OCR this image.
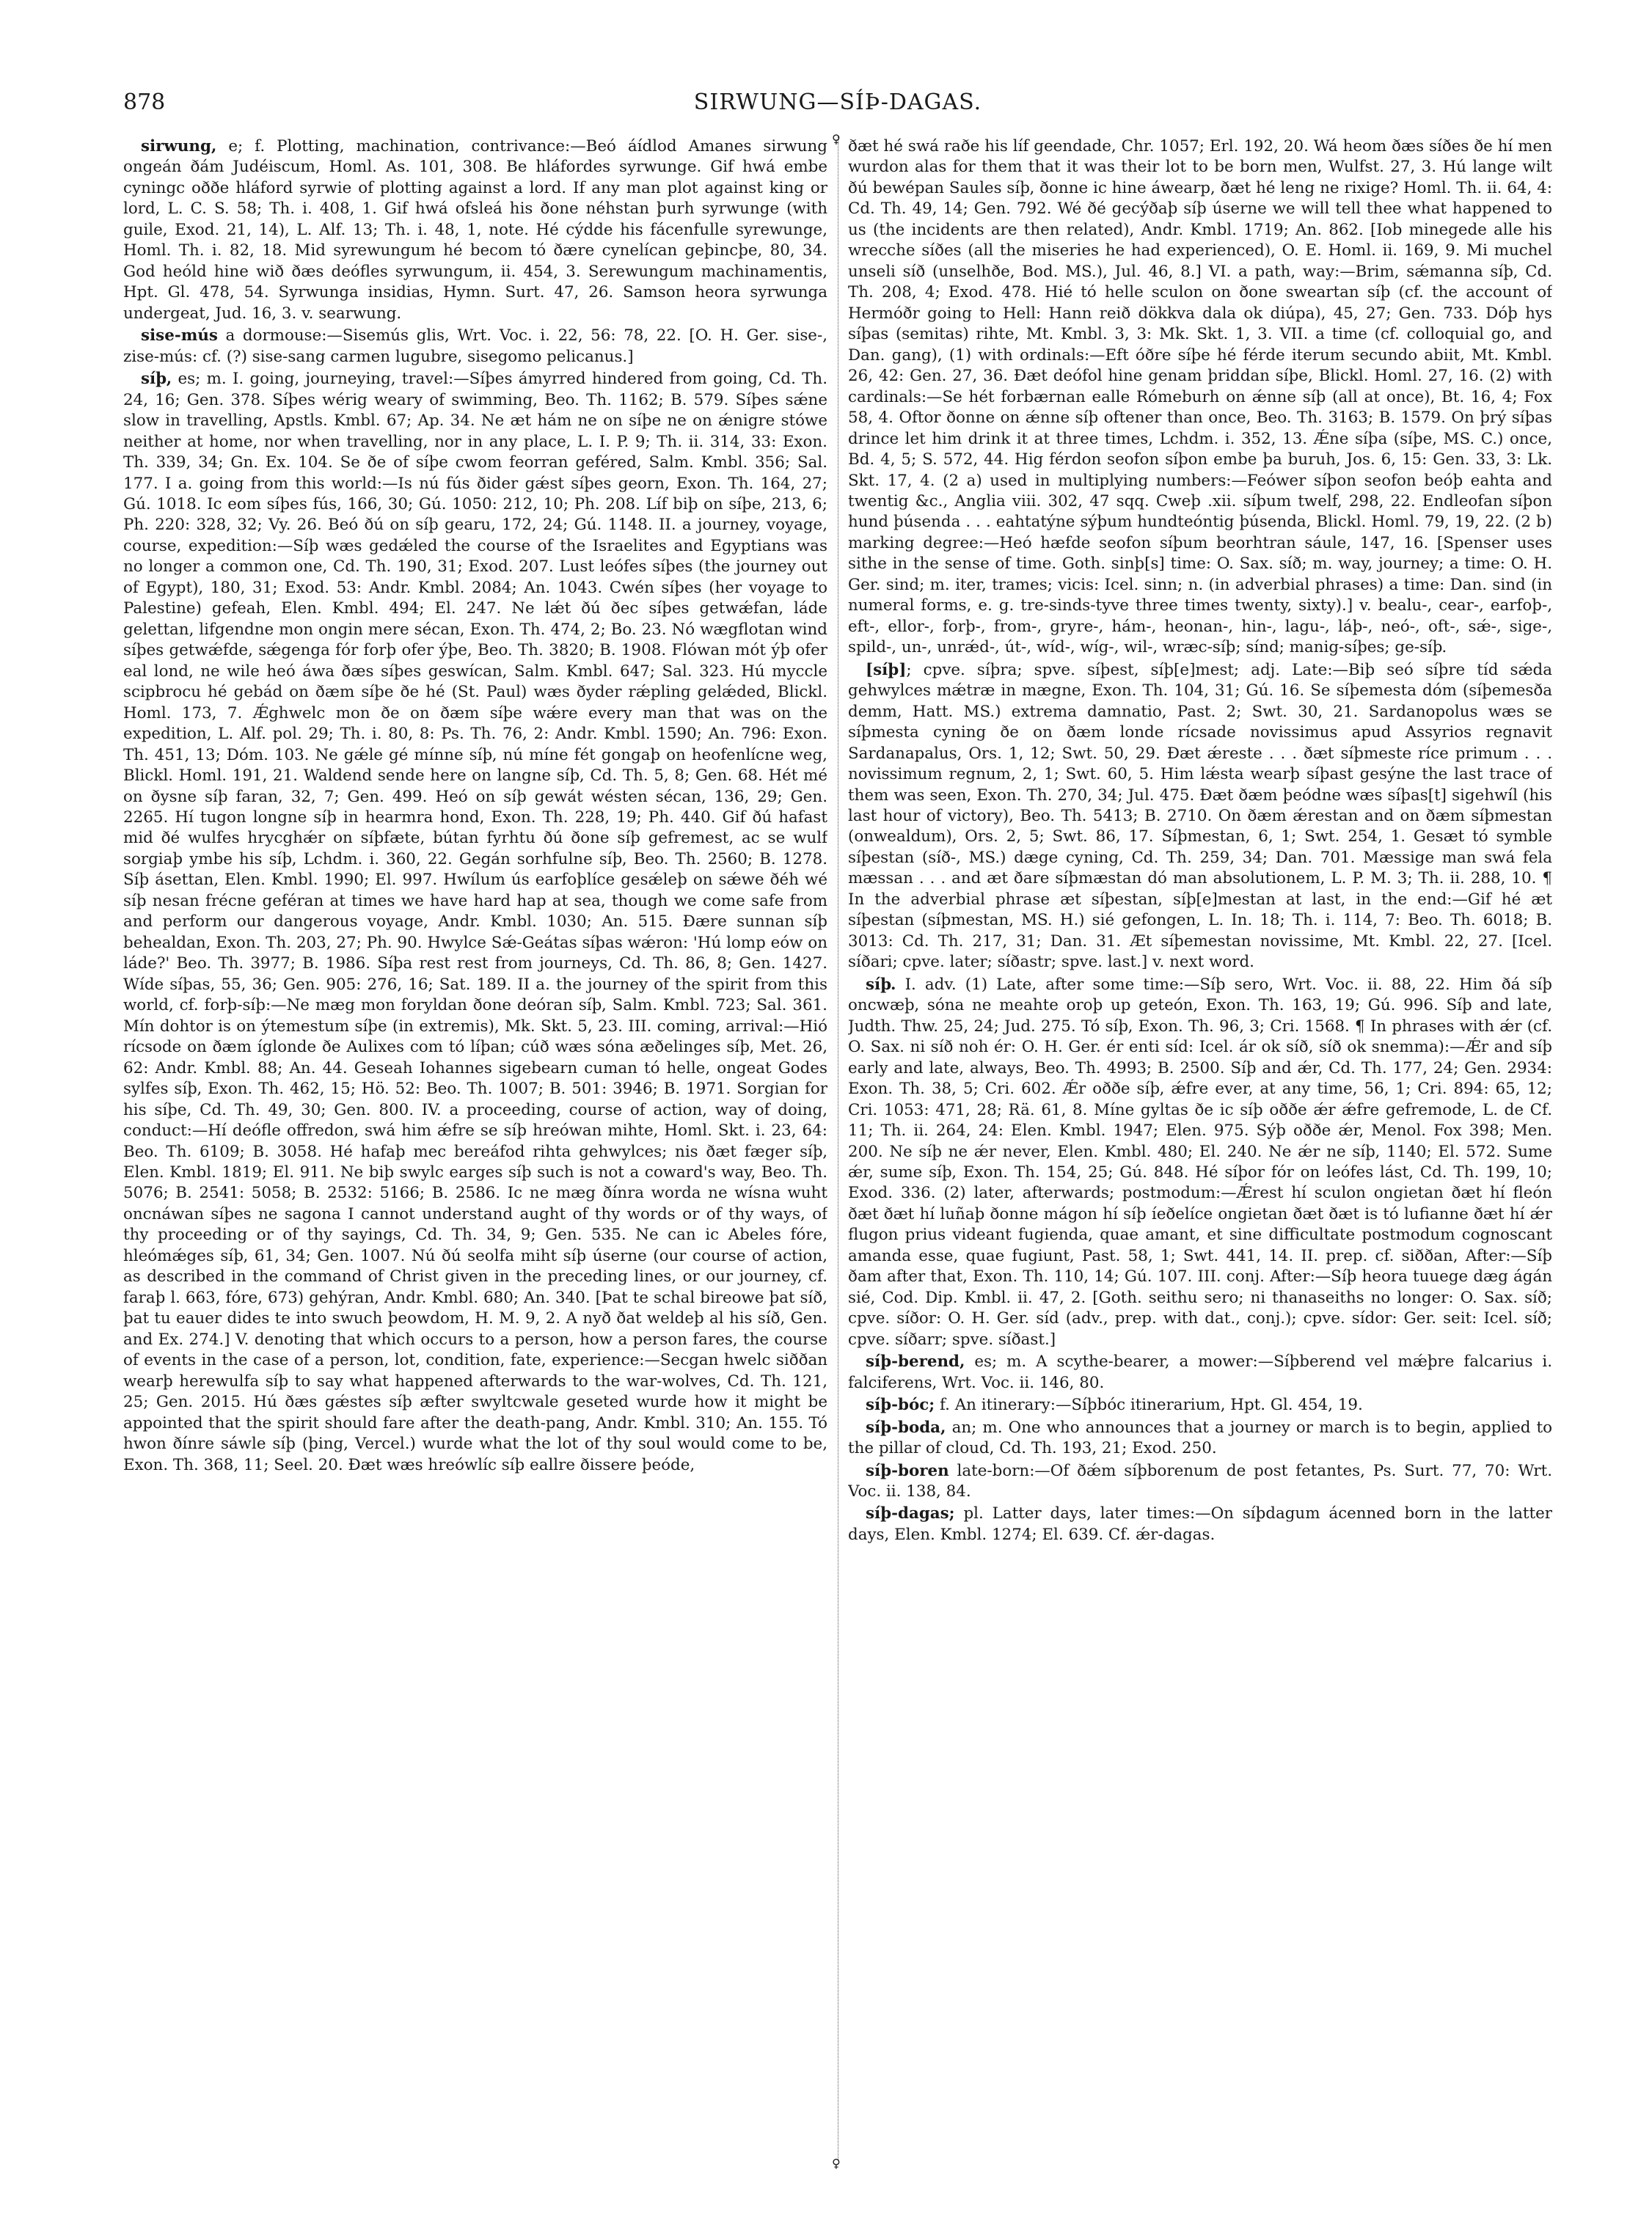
878	SIRWUNG—SÍÞ-DAGAS.

sirwung, e; f. Plotting, machination, contrivance:—Beó áídlod Amanes sirwung ongeán ðám Judéiscum, Homl. As. 101, 308. Be hláfordes syrwunge. Gif hwá embe cyningc oððe hláford syrwie of plotting against a lord. If any man plot against king or lord, L. C. S. 58; Th. i. 408, 1. Gif hwá ofsleá his ðone néhstan þurh syrwunge (with guile, Exod. 21, 14), L. Alf. 13; Th. i. 48, 1, note. Hé cýdde his fácenfulle syrewunge, Homl. Th. i. 82, 18. Mid syrewungum hé becom tó ðære cynelícan geþincþe, 80, 34. God heóld hine wið ðæs deófles syrwungum, ii. 454, 3. Serewungum machinamentis, Hpt. Gl. 478, 54. Syrwunga insidias, Hymn. Surt. 47, 26. Samson heora syrwunga undergeat, Jud. 16, 3. v. searwung.

sise-mús a dormouse:—Sisemús glis, Wrt. Voc. i. 22, 56: 78, 22. [O. H. Ger. sise-, zise-mús: cf. (?) sise-sang carmen lugubre, sisegomo pelicanus.]

síþ, es; m. I. going, journeying, travel:—Síþes ámyrred hindered from going, Cd. Th. 24, 16; Gen. 378. Síþes wérig weary of swimming, Beo. Th. 1162; B. 579. Síþes sǽne slow in travelling, Apstls. Kmbl. 67; Ap. 34. Ne æt hám ne on síþe ne on ǽnigre stówe neither at home, nor when travelling, nor in any place, L. I. P. 9; Th. ii. 314, 33: Exon. Th. 339, 34; Gn. Ex. 104. Se ðe of síþe cwom feorran geféred, Salm. Kmbl. 356; Sal. 177. I a. going from this world:—Is nú fús ðider gǽst síþes georn, Exon. Th. 164, 27; Gú. 1018. Ic eom síþes fús, 166, 30; Gú. 1050: 212, 10; Ph. 208. Líf biþ on síþe, 213, 6; Ph. 220: 328, 32; Vy. 26. Beó ðú on síþ gearu, 172, 24; Gú. 1148. II. a journey, voyage, course, expedition:—Síþ wæs gedǽled the course of the Israelites and Egyptians was no longer a common one, Cd. Th. 190, 31; Exod. 207. Lust leófes síþes (the journey out of Egypt), 180, 31; Exod. 53: Andr. Kmbl. 2084; An. 1043. Cwén síþes (her voyage to Palestine) gefeah, Elen. Kmbl. 494; El. 247. Ne lǽt ðú ðec síþes getwǽfan, láde gelettan, lifgendne mon ongin mere sécan, Exon. Th. 474, 2; Bo. 23. Nó wægflotan wind síþes getwǽfde, sǽgenga fór forþ ofer ýþe, Beo. Th. 3820; B. 1908. Flówan mót ýþ ofer eal lond, ne wile heó áwa ðæs síþes geswícan, Salm. Kmbl. 647; Sal. 323. Hú myccle scipbrocu hé gebád on ðæm síþe ðe hé (St. Paul) wæs ðyder rǽpling gelǽded, Blickl. Homl. 173, 7. Ǽghwelc mon ðe on ðæm síþe wǽre every man that was on the expedition, L. Alf. pol. 29; Th. i. 80, 8: Ps. Th. 76, 2: Andr. Kmbl. 1590; An. 796: Exon. Th. 451, 13; Dóm. 103. Ne gǽle gé mínne síþ, nú míne fét gongaþ on heofenlícne weg, Blickl. Homl. 191, 21. Waldend sende here on langne síþ, Cd. Th. 5, 8; Gen. 68. Hét mé on ðysne síþ faran, 32, 7; Gen. 499. Heó on síþ gewát wésten sécan, 136, 29; Gen. 2265. Hí tugon longne síþ in hearmra hond, Exon. Th. 228, 19; Ph. 440. Gif ðú hafast mid ðé wulfes hrycghǽr on síþfæte, bútan fyrhtu ðú ðone síþ gefremest, ac se wulf sorgiaþ ymbe his síþ, Lchdm. i. 360, 22. Gegán sorhfulne síþ, Beo. Th. 2560; B. 1278. Síþ ásettan, Elen. Kmbl. 1990; El. 997. Hwílum ús earfoþlíce gesǽleþ on sǽwe ðéh wé síþ nesan frécne geféran at times we have hard hap at sea, though we come safe from and perform our dangerous voyage, Andr. Kmbl. 1030; An. 515. Ðære sunnan síþ behealdan, Exon. Th. 203, 27; Ph. 90. Hwylce Sǽ-Geátas síþas wǽron: 'Hú lomp eów on láde?' Beo. Th. 3977; B. 1986. Síþa rest rest from journeys, Cd. Th. 86, 8; Gen. 1427. Wíde síþas, 55, 36; Gen. 905: 276, 16; Sat. 189. II a. the journey of the spirit from this world, cf. forþ-síþ:—Ne mæg mon foryldan ðone deóran síþ, Salm. Kmbl. 723; Sal. 361. Mín dohtor is on ýtemestum síþe (in extremis), Mk. Skt. 5, 23. III. coming, arrival:—Hió rícsode on ðæm íglonde ðe Aulixes com tó líþan; cúð wæs sóna æðelinges síþ, Met. 26, 62: Andr. Kmbl. 88; An. 44. Geseah Iohannes sigebearn cuman tó helle, ongeat Godes sylfes síþ, Exon. Th. 462, 15; Hö. 52: Beo. Th. 1007; B. 501: 3946; B. 1971. Sorgian for his síþe, Cd. Th. 49, 30; Gen. 800. IV. a proceeding, course of action, way of doing, conduct:—Hí deófle offredon, swá him ǽfre se síþ hreówan mihte, Homl. Skt. i. 23, 64: Beo. Th. 6109; B. 3058. Hé hafaþ mec bereáfod rihta gehwylces; nis ðæt fæger síþ, Elen. Kmbl. 1819; El. 911. Ne biþ swylc earges síþ such is not a coward's way, Beo. Th. 5076; B. 2541: 5058; B. 2532: 5166; B. 2586. Ic ne mæg ðínra worda ne wísna wuht oncnáwan síþes ne sagona I cannot understand aught of thy words or of thy ways, of thy proceeding or of thy sayings, Cd. Th. 34, 9; Gen. 535. Ne can ic Abeles fóre, hleómǽges síþ, 61, 34; Gen. 1007. Nú ðú seolfa miht síþ úserne (our course of action, as described in the command of Christ given in the preceding lines, or our journey, cf. faraþ l. 663, fóre, 673) gehýran, Andr. Kmbl. 680; An. 340. [Þat te schal bireowe þat síð, þat tu eauer dides te into swuch þeowdom, H. M. 9, 2. A nyð ðat weldeþ al his síð, Gen. and Ex. 274.] V. denoting that which occurs to a person, how a person fares, the course of events in the case of a person, lot, condition, fate, experience:—Secgan hwelc siððan wearþ herewulfa síþ to say what happened afterwards to the war-wolves, Cd. Th. 121, 25; Gen. 2015. Hú ðæs gǽstes síþ æfter swyltcwale geseted wurde how it might be appointed that the spirit should fare after the death-pang, Andr. Kmbl. 310; An. 155. Tó hwon ðínre sáwle síþ (þing, Vercel.) wurde what the lot of thy soul would come to be, Exon. Th. 368, 11; Seel. 20. Ðæt wæs hreówlíc síþ eallre ðissere þeóde,

♀
♀

ðæt hé swá raðe his líf geendade, Chr. 1057; Erl. 192, 20. Wá heom ðæs síðes ðe hí men wurdon alas for them that it was their lot to be born men, Wulfst. 27, 3. Hú lange wilt ðú bewépan Saules síþ, ðonne ic hine áwearp, ðæt hé leng ne rixige? Homl. Th. ii. 64, 4: Cd. Th. 49, 14; Gen. 792. Wé ðé gecýðaþ síþ úserne we will tell thee what happened to us (the incidents are then related), Andr. Kmbl. 1719; An. 862. [Iob minegede alle his wrecche síðes (all the miseries he had experienced), O. E. Homl. ii. 169, 9. Mi muchel unseli síð (unselhðe, Bod. MS.), Jul. 46, 8.] VI. a path, way:—Brim, sǽmanna síþ, Cd. Th. 208, 4; Exod. 478. Hié tó helle sculon on ðone sweartan síþ (cf. the account of Hermóðr going to Hell: Hann reið dökkva dala ok diúpa), 45, 27; Gen. 733. Dóþ hys síþas (semitas) rihte, Mt. Kmbl. 3, 3: Mk. Skt. 1, 3. VII. a time (cf. colloquial go, and Dan. gang), (1) with ordinals:—Eft óðre síþe hé férde iterum secundo abiit, Mt. Kmbl. 26, 42: Gen. 27, 36. Ðæt deófol hine genam þriddan síþe, Blickl. Homl. 27, 16. (2) with cardinals:—Se hét forbærnan ealle Rómeburh on ǽnne síþ (all at once), Bt. 16, 4; Fox 58, 4. Oftor ðonne on ǽnne síþ oftener than once, Beo. Th. 3163; B. 1579. On þrý síþas drince let him drink it at three times, Lchdm. i. 352, 13. Ǽne síþa (síþe, MS. C.) once, Bd. 4, 5; S. 572, 44. Hig férdon seofon síþon embe þa buruh, Jos. 6, 15: Gen. 33, 3: Lk. Skt. 17, 4. (2 a) used in multiplying numbers:—Feówer síþon seofon beóþ eahta and twentig &c., Anglia viii. 302, 47 sqq. Cweþ .xii. síþum twelf, 298, 22. Endleofan síþon hund þúsenda . . . eahtatýne sýþum hundteóntig þúsenda, Blickl. Homl. 79, 19, 22. (2 b) marking degree:—Heó hæfde seofon síþum beorhtran sáule, 147, 16. [Spenser uses sithe in the sense of time. Goth. sinþ[s] time: O. Sax. síð; m. way, journey; a time: O. H. Ger. sind; m. iter, trames; vicis: Icel. sinn; n. (in adverbial phrases) a time: Dan. sind (in numeral forms, e. g. tre-sinds-tyve three times twenty, sixty).] v. bealu-, cear-, earfoþ-, eft-, ellor-, forþ-, from-, gryre-, hám-, heonan-, hin-, lagu-, láþ-, neó-, oft-, sǽ-, sige-, spild-, un-, unrǽd-, út-, wíd-, wíg-, wil-, wræc-síþ; sínd; manig-síþes; ge-síþ.

[síþ]; cpve. síþra; spve. síþest, síþ[e]mest; adj. Late:—Biþ seó síþre tíd sǽda gehwylces mǽtræ in mægne, Exon. Th. 104, 31; Gú. 16. Se síþemesta dóm (síþemesða demm, Hatt. MS.) extrema damnatio, Past. 2; Swt. 30, 21. Sardanopolus wæs se síþmesta cyning ðe on ðæm londe rícsade novissimus apud Assyrios regnavit Sardanapalus, Ors. 1, 12; Swt. 50, 29. Ðæt ǽreste . . . ðæt síþmeste ríce primum . . . novissimum regnum, 2, 1; Swt. 60, 5. Him lǽsta wearþ síþast gesýne the last trace of them was seen, Exon. Th. 270, 34; Jul. 475. Ðæt ðæm þeódne wæs síþas[t] sigehwíl (his last hour of victory), Beo. Th. 5413; B. 2710. On ðæm ǽrestan and on ðæm síþmestan (onwealdum), Ors. 2, 5; Swt. 86, 17. Síþmestan, 6, 1; Swt. 254, 1. Gesæt tó symble síþestan (síð-, MS.) dæge cyning, Cd. Th. 259, 34; Dan. 701. Mæssige man swá fela mæssan . . . and æt ðare síþmæstan dó man absolutionem, L. P. M. 3; Th. ii. 288, 10. ¶ In the adverbial phrase æt síþestan, síþ[e]mestan at last, in the end:—Gif hé æt síþestan (síþmestan, MS. H.) sié gefongen, L. In. 18; Th. i. 114, 7: Beo. Th. 6018; B. 3013: Cd. Th. 217, 31; Dan. 31. Æt síþemestan novissime, Mt. Kmbl. 22, 27. [Icel. síðari; cpve. later; síðastr; spve. last.] v. next word.

síþ. I. adv. (1) Late, after some time:—Síþ sero, Wrt. Voc. ii. 88, 22. Him ðá síþ oncwæþ, sóna ne meahte oroþ up geteón, Exon. Th. 163, 19; Gú. 996. Síþ and late, Judth. Thw. 25, 24; Jud. 275. Tó síþ, Exon. Th. 96, 3; Cri. 1568. ¶ In phrases with ǽr (cf. O. Sax. ni síð noh ér: O. H. Ger. ér enti síd: Icel. ár ok síð, síð ok snemma):—Ǽr and síþ early and late, always, Beo. Th. 4993; B. 2500. Síþ and ǽr, Cd. Th. 177, 24; Gen. 2934: Exon. Th. 38, 5; Cri. 602. Ǽr oððe síþ, ǽfre ever, at any time, 56, 1; Cri. 894: 65, 12; Cri. 1053: 471, 28; Rä. 61, 8. Míne gyltas ðe ic síþ oððe ǽr ǽfre gefremode, L. de Cf. 11; Th. ii. 264, 24: Elen. Kmbl. 1947; Elen. 975. Sýþ oððe ǽr, Menol. Fox 398; Men. 200. Ne síþ ne ǽr never, Elen. Kmbl. 480; El. 240. Ne ǽr ne síþ, 1140; El. 572. Sume ǽr, sume síþ, Exon. Th. 154, 25; Gú. 848. Hé síþor fór on leófes lást, Cd. Th. 199, 10; Exod. 336. (2) later, afterwards; postmodum:—Ǽrest hí sculon ongietan ðæt hí fleón ðæt ðæt hí luñaþ ðonne mágon hí síþ íeðelíce ongietan ðæt ðæt is tó lufianne ðæt hí ǽr flugon prius videant fugienda, quae amant, et sine difficultate postmodum cognoscant amanda esse, quae fugiunt, Past. 58, 1; Swt. 441, 14. II. prep. cf. siððan, After:—Síþ ðam after that, Exon. Th. 110, 14; Gú. 107. III. conj. After:—Síþ heora tuuege dæg ágán sié, Cod. Dip. Kmbl. ii. 47, 2. [Goth. seithu sero; ni thanaseiths no longer: O. Sax. síð; cpve. síðor: O. H. Ger. síd (adv., prep. with dat., conj.); cpve. sídor: Ger. seit: Icel. síð; cpve. síðarr; spve. síðast.]

síþ-berend, es; m. A scythe-bearer, a mower:—Síþberend vel mǽþre falcarius i. falciferens, Wrt. Voc. ii. 146, 80.

síþ-bóc; f. An itinerary:—Síþbóc itinerarium, Hpt. Gl. 454, 19.

síþ-boda, an; m. One who announces that a journey or march is to begin, applied to the pillar of cloud, Cd. Th. 193, 21; Exod. 250.

síþ-boren late-born:—Of ðǽm síþborenum de post fetantes, Ps. Surt. 77, 70: Wrt. Voc. ii. 138, 84.

síþ-dagas; pl. Latter days, later times:—On síþdagum ácenned born in the latter days, Elen. Kmbl. 1274; El. 639. Cf. ǽr-dagas.
